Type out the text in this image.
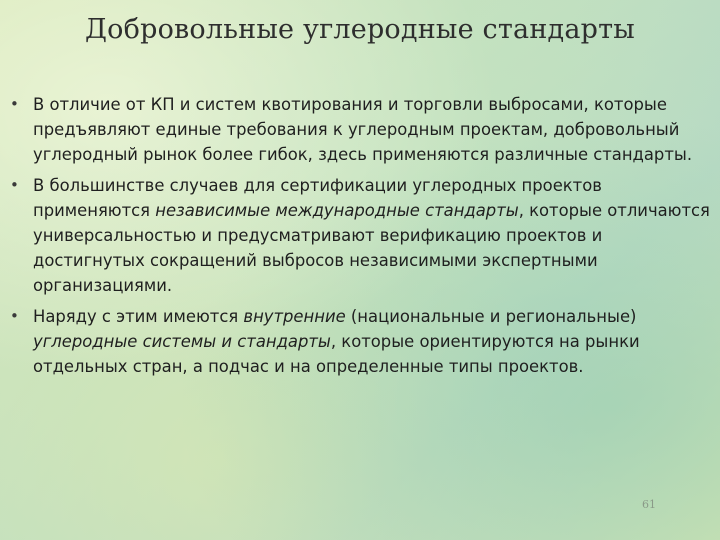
Добровольные углеродные стандарты
• В отличие от КП и систем квотирования и торговли выбросами, которые предъявляют единые требования к углеродным проектам, добровольный углеродный рынок более гибок, здесь применяются различные стандарты.
• В большинстве случаев для сертификации углеродных проектов применяются независимые международные стандарты, которые отличаются универсальностью и предусматривают верификацию проектов и достигнутых сокращений выбросов независимыми экспертными организациями.
• Наряду с этим имеются внутренние (национальные и региональные) углеродные системы и стандарты, которые ориентируются на рынки отдельных стран, а подчас и на определенные типы проектов.
61
